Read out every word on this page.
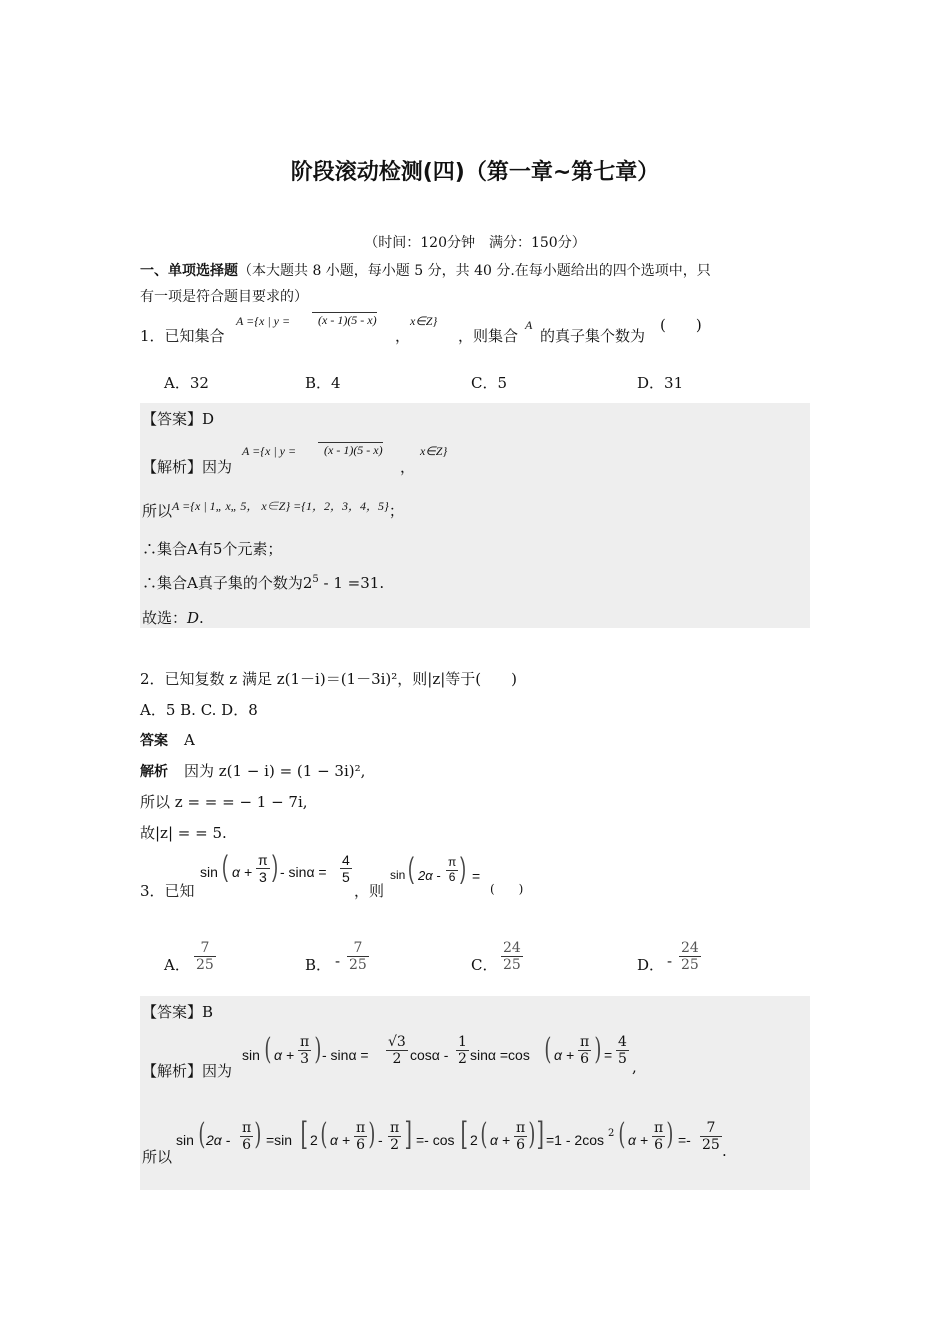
阶段滚动检测(四)（第一章~第七章）
（时间：120分钟　满分：150分）
一、单项选择题（本大题共 8 小题，每小题 5 分，共 40 分.在每小题给出的四个选项中，只
有一项是符合题目要求的）
1．已知集合
A ={x | y =	(x - 1)(5 - x)
，
x∈Z}
，则集合
A
的真子集个数为
(　　)
A．32	B．4	C．5	D．31
【答案】D
【解析】因为
A ={x | y =	(x - 1)(5 - x)
，
x∈Z}
所以$^{A =\{x | 1„ x„ 5, x\in Z\} =\{1,2,3,4,5\}}$；
∴集合A有5个元素；
∴集合A真子集的个数为$2^5 - 1 =31$.
故选：D.
2．已知复数 z 满足 z(1－i)＝(1－3i)²，则|z|等于(　　)
A．5 B. C. D．8
答案 A
解析 因为 z(1 − i) = (1 − 3i)²,
所以 z = = = − 1 − 7i,
故|z| = = 5.
3．已知
sin ( $\alpha + \frac{\pi}{3}$ ) - $\sin\alpha = \frac{4}{5}$
，则
sin ( $2\alpha - \frac{\pi}{6}$ ) =
(　　)
A． $\frac{7}{25}$	B． - $\frac{7}{25}$	C． $\frac{24}{25}$	D． - $\frac{24}{25}$
【答案】B
【解析】因为
sin ( $\alpha + \frac{\pi}{3}$ ) - $\sin\alpha = \frac{√3}{2}$ cosα - $\frac{1}{2}$ sinα =cos ( $\alpha + \frac{\pi}{6}$ ) = $\frac{4}{5}$ ,
所以
sin ( $2\alpha - \frac{\pi}{6}$ ) =sin [ 2 ( $\alpha + \frac{\pi}{6}$ ) - $\frac{\pi}{2}$ ] =- cos [ 2 ( $\alpha + \frac{\pi}{6}$ ) ] =1 - 2cos 2 ( $\alpha + \frac{\pi}{6}$ ) =- $\frac{7}{25}$ .
